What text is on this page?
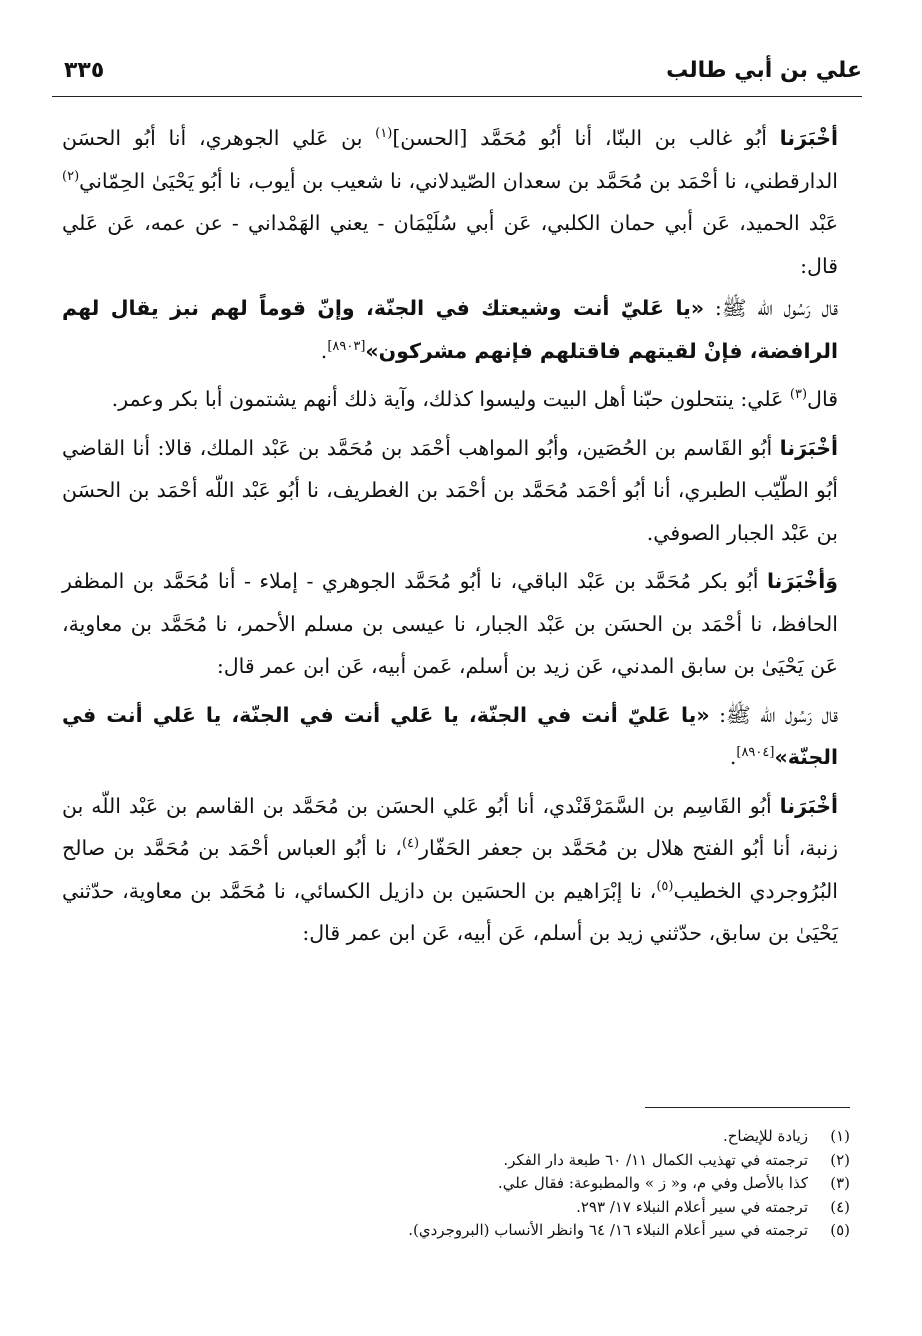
علي بن أبي طالب
٣٣٥

أخْبَرَنا أبُو غالب بن البنّا، أنا أبُو مُحَمَّد [الحسن]$^{(١)}$ بن عَلي الجوهري، أنا أبُو الحسَن الدارقطني، نا أحْمَد بن مُحَمَّد بن سعدان الصّيدلاني، نا شعيب بن أيوب، نا أبُو يَحْيَىٰ الحِمّاني$^{(٢)}$ عَبْد الحميد، عَن أبي حمان الكلبي، عَن أبي سُلَيْمَان - يعني الهَمْداني - عن عمه، عَن عَلي قال:

قال رَسُول الله ﷺ: «يا عَليّ أنت وشيعتك في الجنّة، وإنّ قوماً لهم نبز يقال لهم الرافضة، فإنْ لقيتهم فاقتلهم فإنهم مشركون»[٨٩٠٣].

قال$^{(٣)}$ عَلي: ينتحلون حبّنا أهل البيت وليسوا كذلك، وآية ذلك أنهم يشتمون أبا بكر وعمر.

أخْبَرَنا أبُو القَاسم بن الحُصَين، وأبُو المواهب أحْمَد بن مُحَمَّد بن عَبْد الملك، قالا: أنا القاضي أبُو الطّيّب الطبري، أنا أبُو أحْمَد مُحَمَّد بن أحْمَد بن الغطريف، نا أبُو عَبْد اللّه أحْمَد بن الحسَن بن عَبْد الجبار الصوفي.

وَأخْبَرَنا أبُو بكر مُحَمَّد بن عَبْد الباقي، نا أبُو مُحَمَّد الجوهري - إملاء - أنا مُحَمَّد بن المظفر الحافظ، نا أحْمَد بن الحسَن بن عَبْد الجبار، نا عيسى بن مسلم الأحمر، نا مُحَمَّد بن معاوية، عَن يَحْيَىٰ بن سابق المدني، عَن زيد بن أسلم، عَمن أبيه، عَن ابن عمر قال:

قال رَسُول الله ﷺ: «يا عَليّ أنت في الجنّة، يا عَلي أنت في الجنّة، يا عَلي أنت في الجنّة»[٨٩٠٤].

أخْبَرَنا أبُو القَاسِم بن السَّمَرْقَنْدي، أنا أبُو عَلي الحسَن بن مُحَمَّد بن القاسم بن عَبْد اللّه بن زنبة، أنا أبُو الفتح هلال بن مُحَمَّد بن جعفر الحَفّار$^{(٤)}$، نا أبُو العباس أحْمَد بن مُحَمَّد بن صالح البُرُوجردي الخطيب$^{(٥)}$، نا إبْرَاهيم بن الحسَين بن دازيل الكسائي، نا مُحَمَّد بن معاوية، حدّثني يَحْيَىٰ بن سابق، حدّثني زيد بن أسلم، عَن أبيه، عَن ابن عمر قال:

(١)
زيادة للإيضاح.
(٢)
ترجمته في تهذيب الكمال ١١/ ٦٠ طبعة دار الفكر.
(٣)
كذا بالأصل وفي م، و« ز » والمطبوعة: فقال علي.
(٤)
ترجمته في سير أعلام النبلاء ١٧/ ٢٩٣.
(٥)
ترجمته في سير أعلام النبلاء ١٦/ ٦٤ وانظر الأنساب (البروجردي).
